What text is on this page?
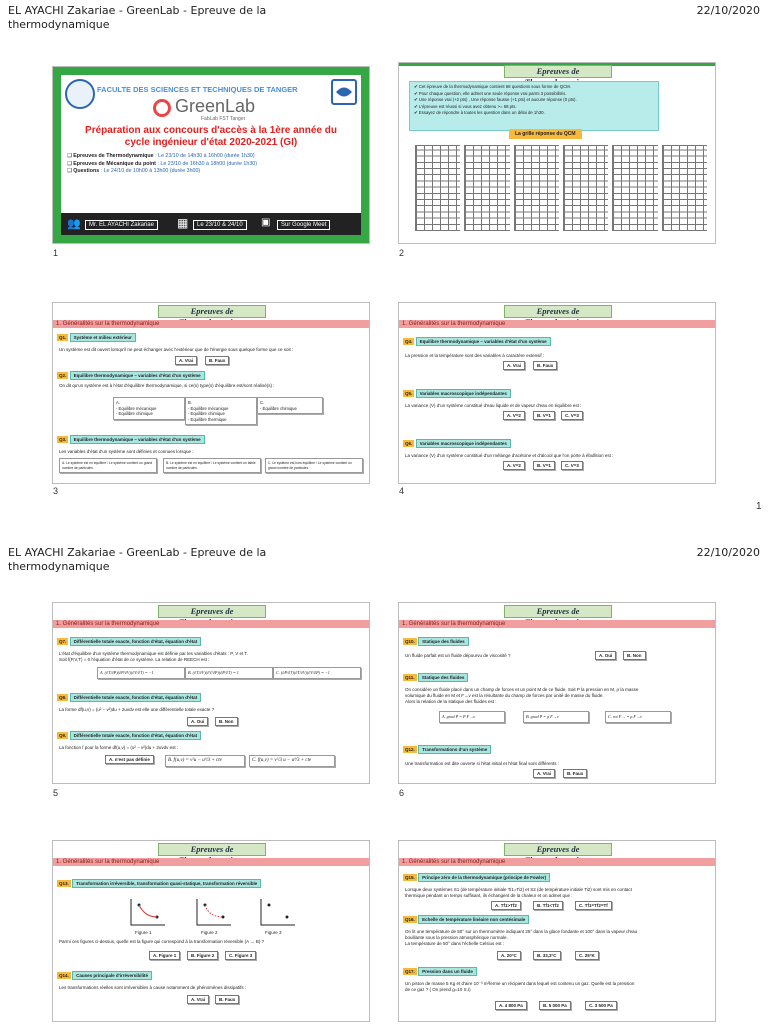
EL AYACHI Zakariae - GreenLab - Epreuve de la thermodynamique
22/10/2020
FACULTE DES SCIENCES ET TECHNIQUES DE TANGER
GreenLab
FabLab FST Tanger
Préparation aux concours d'accès à la 1ère année du cycle ingénieur d'état 2020-2021 (GI)
❑ Epreuves de Thermodynamique : Le 23/10 de 14h30 à 16h00 (durée 1h30)
❑ Epreuves de Mécanique du point : Le 23/10 de 16h30 à 18h00 (durée 1h30)
❑ Questions : Le 24/10 de 10h00 à 13h00 (durée 3h00)
👥	Mr. EL AYACHI Zakariae	▦	Le 23/10 & 24/10	▣	Sur Google Meet
1
Epreuves de
✔ Cet épreuve de la thermodynamique contient 68 questions sous forme de QCM.
✔ Pour chaque question, elle admet une seule réponse vrai parmi 3 possibilités.
✔ Une réponse vrai (+2 pts) , Une réponse fausse (+1 pts) et aucune réponse (0 pts).
✔ L'épreuve est réussi si vous avez obtenu >= 68 pts.
✔ Essayez de répondre à toutes les question dans un délai de 1h30.
La grille réponse du QCM
2
Epreuves de
1. Généralités sur la thermodynamique
Q1. Système et milieu extérieur
Un système est dit ouvert lorsqu'il ne peut échanger avec l'extérieur que de l'énergie sous quelque forme que ce soit :
A. Vrai	B. Faux
Q2. Equilibre thermodynamique – variables d'état d'un système
On dit qu'un système est à l'état d'équilibre thermodynamique, si ce(s) type(s) d'équilibre est/sont réalisé(s) :
A.
- Equilibre mécanique
- Equilibre chimique
B.
- Equilibre mécanique
- Equilibre chimique
- Equilibre thermique
C.
- Equilibre chimique
Q3. Equilibre thermodynamique – variables d'état d'un système
Les variables d'état d'un système sont définies et connues lorsque :
A. Le système est en équilibre / Le système contient un grand nombre de particules
B. Le système est en équilibre / Le système contient un faible nombre de particules
C. Le système est hors équilibre / Le système contient un grand nombre de particules
3
Epreuves de
1. Généralités sur la thermodynamique
Q4. Equilibre thermodynamique – variables d'état d'un système
La pression et la température sont des variables à caractère extensif :
A. Vrai	B. Faux
Q5. Variables macroscopique indépendantes
La variance (V) d'un système constitué d'eau liquide et de vapeur d'eau en équilibre est :
A. V=2	B. V=1	C. V=3
Q6. Variables macroscopique indépendantes
La variance (V) d'un système constitué d'un mélange d'acétone et d'alcool que l'on porte à ébullition est :
A. V=2	B. V=1	C. V=3
4
1
EL AYACHI Zakariae - GreenLab - Epreuve de la thermodynamique
22/10/2020
Epreuves de
1. Généralités sur la thermodynamique
Q7. Différentielle totale exacte, fonction d'état, équation d'état
L'état d'équilibre d'un système thermodynamique est définie par les variables d'états : P, V et T.
Soit f(P,V,T) = 0 l'équation d'état de ce système. La relation de REECH est :
A. (∂T/∂P)(∂P/∂V)(∂V/∂T) = −1	B. (∂T/∂V)(∂V/∂P)(∂P/∂T) = 1	C. (∂P/∂T)(∂T/∂V)(∂V/∂P) = −1
Q8. Différentielle totale exacte, fonction d'état, équation d'état
La forme df(u,v) = (u² − v²)du + 2uvdv est elle une différentielle totale exacte ?
A. Oui	B. Non
Q9. Différentielle totale exacte, fonction d'état, équation d'état
La fonction f pour la forme df(u,v) = (u² − v²)du + 2uvdv est :
A. n'est pas définie	B. f(u,v) = v²u − u³/3 + cte	C. f(u,v) = v²/3 u − u³/3 + cte
5
Epreuves de
1. Généralités sur la thermodynamique
Q10. Statique des fluides
Un fluide parfait est un fluide dépourvu de viscosité ?	A. Oui	B. Non
Q11. Statique des fluides
On considère un fluide placé dans un champ de forces et un point M de ce fluide. Soit P la pression en M, ρ la masse
volumique du fluide en M et F→v est la résultante du champ de forces par unité de masse du fluide.
Alors la relation de la statique des fluides est :
A. grad P = P F→v	B. grad P = ρ F→v	C. rot F→ = ρ F→v
Q12. Transformations d'un système
Une transformation est dite ouverte si l'état initial et l'état final sont différents :
A. Vrai	B. Faux
6
Epreuves de
1. Généralités sur la thermodynamique
Q13. Transformation irréversible, transformation quasi-statique, transformation réversible
Figure 1	Figure 2	Figure 3
Parmi ces figures ci-dessus, quelle est la figure qui correspond à la transformation réversible (A → B) ?
A. Figure 1	B. Figure 2	C. Figure 3
Q14. Causes principale d'irréversibilité
Les transformations réelles sont irréversibles à cause notamment de phénomènes dissipatifs :
A. Vrai	B. Faux
Epreuves de
1. Généralités sur la thermodynamique
Q15. Principe zéro de la thermodynamique (principe de Fowler)
Lorsque deux systèmes S1 (de température initiale Ti1=Ti2) et S2 (de température initiale Ti2) sont mis en contact
thermique pendant un temps suffisant, ils échangent de la chaleur et on admet que :
A. Tf1>Tf2	B. Tf1<Tf2	C. Tf1=Tf2=Tf
Q16. Echelle de température linéaire non centésimale
On lit une température de 50° sur un thermomètre indiquant 25° dans la glace fondante et 100° dans la vapeur d'eau
bouillante sous la pression atmosphérique normale.
La température de 50° dans l'échelle Celsius est :
A. 20°C	B. 33,3°C	C. 25°K
Q17. Pression dans un fluide
Un piston de masse 5 Kg et d'aire 10⁻³ m²ferme un récipient dans lequel est contenu un gaz. Quelle est la pression
de ce gaz ? ( On prend g=10 S.I)
A. 4 800 Pa	B. 5 000 Pa	C. 3 500 Pa
